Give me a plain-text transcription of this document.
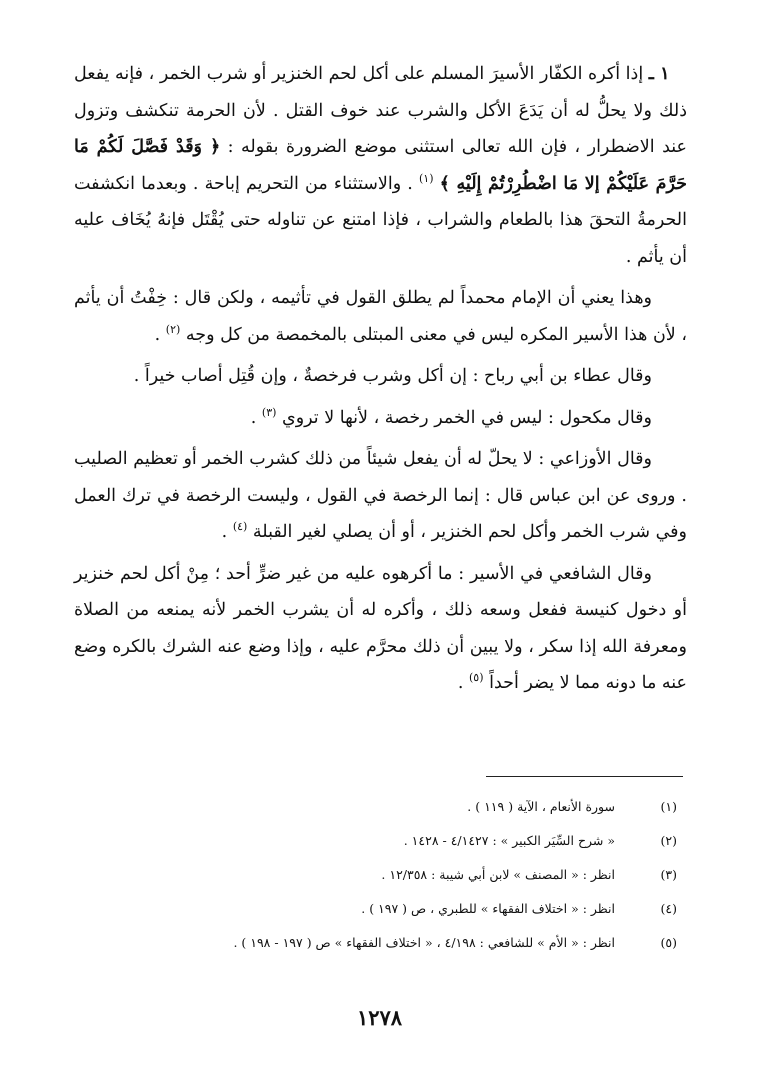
١ ـ إذا أكره الكفّار الأسيرَ المسلم على أكل لحم الخنزير أو شرب الخمر ، فإنه يفعل ذلك ولا يحلُّ له أن يَدَعَ الأكل والشرب عند خوف القتل . لأن الحرمة تنكشف وتزول عند الاضطرار ، فإن الله تعالى استثنى موضع الضرورة بقوله : ﴿ وَقَدْ فَصَّلَ لَكُمْ مَا حَرَّمَ عَلَيْكُمْ إلا مَا اضْطُرِرْتُمْ إِلَيْهِ ﴾ $^{(١)}$ . والاستثناء من التحريم إباحة . وبعدما انكشفت الحرمةُ التحقَ هذا بالطعام والشراب ، فإذا امتنع عن تناوله حتى يُقْتَل فإنهُ يُخَاف عليه أن يأثم .

وهذا يعني أن الإمام محمداً لم يطلق القول في تأثيمه ، ولكن قال : خِفْتُ أن يأثم ، لأن هذا الأسير المكره ليس في معنى المبتلى بالمخمصة من كل وجه $^{(٢)}$ .

وقال عطاء بن أبي رباح : إن أكل وشرب فرخصةٌ ، وإن قُتِل أصاب خيراً .

وقال مكحول : ليس في الخمر رخصة ، لأنها لا تروي $^{(٣)}$ .

وقال الأوزاعي : لا يحلّ له أن يفعل شيئاً من ذلك كشرب الخمر أو تعظيم الصليب . وروى عن ابن عباس قال : إنما الرخصة في القول ، وليست الرخصة في ترك العمل وفي شرب الخمر وأكل لحم الخنزير ، أو أن يصلي لغير القبلة $^{(٤)}$ .

وقال الشافعي في الأسير : ما أكرهوه عليه من غير ضرٍّ أحد ؛ مِنْ أكل لحم خنزير أو دخول كنيسة ففعل وسعه ذلك ، وأكره له أن يشرب الخمر لأنه يمنعه من الصلاة ومعرفة الله إذا سكر ، ولا يبين أن ذلك محرَّم عليه ، وإذا وضع عنه الشرك بالكره وضع عنه ما دونه مما لا يضر أحداً $^{(٥)}$ .

(١)
سورة الأنعام ، الآية ( ١١٩ ) .
(٢)
« شرح السِّيَر الكبير » : ٤/١٤٢٧ - ١٤٢٨ .
(٣)
انظر : « المصنف » لابن أبي شيبة : ١٢/٣٥٨ .
(٤)
انظر : « اختلاف الفقهاء » للطبري ، ص ( ١٩٧ ) .
(٥)
انظر : « الأم » للشافعي : ٤/١٩٨ ، « اختلاف الفقهاء » ص ( ١٩٧ - ١٩٨ ) .
١٢٧٨
